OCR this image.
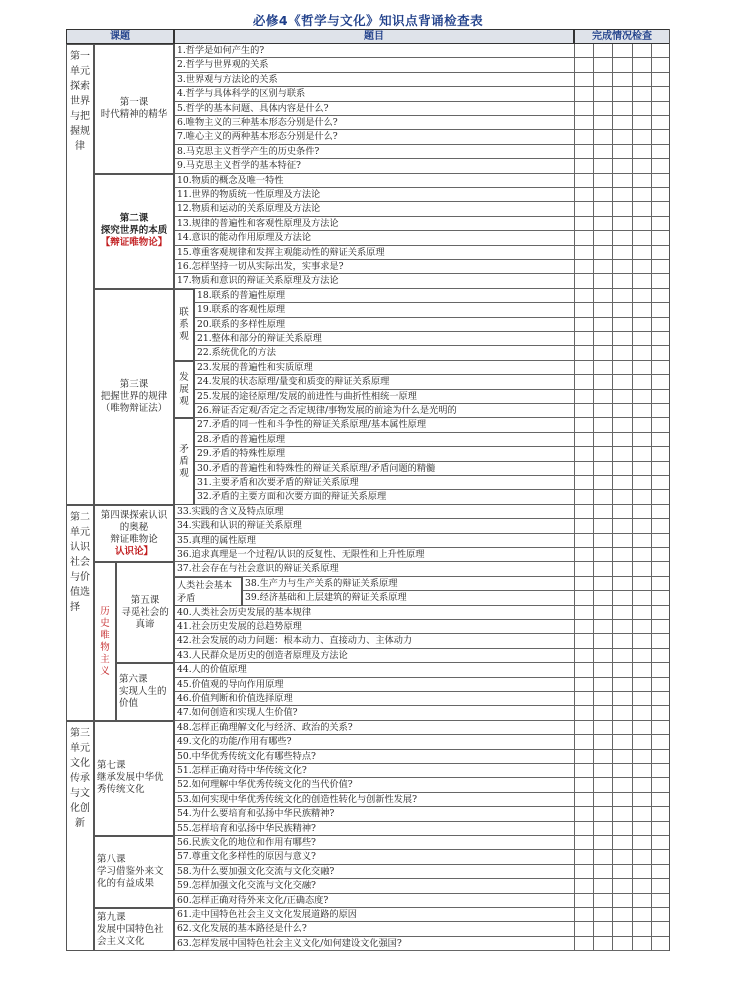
必修4《哲学与文化》知识点背诵检查表
课题	题目	完成情况检查
1.哲学是如何产生的?
2.哲学与世界观的关系
3.世界观与方法论的关系
4.哲学与具体科学的区别与联系
5.哲学的基本问题、具体内容是什么?
6.唯物主义的三种基本形态分别是什么?
7.唯心主义的两种基本形态分别是什么?
8.马克思主义哲学产生的历史条件?
9.马克思主义哲学的基本特征?
10.物质的概念及唯一特性
11.世界的物质统一性原理及方法论
12.物质和运动的关系原理及方法论
13.规律的普遍性和客观性原理及方法论
14.意识的能动作用原理及方法论
15.尊重客观规律和发挥主观能动性的辩证关系原理
16.怎样坚持一切从实际出发，实事求是?
17.物质和意识的辩证关系原理及方法论
18.联系的普遍性原理
19.联系的客观性原理
20.联系的多样性原理
21.整体和部分的辩证关系原理
22.系统优化的方法
23.发展的普遍性和实质原理
24.发展的状态原理/量变和质变的辩证关系原理
25.发展的途径原理/发展的前进性与曲折性相统一原理
26.辩证否定观/否定之否定规律/事物发展的前途为什么是光明的
27.矛盾的同一性和斗争性的辩证关系原理/基本属性原理
28.矛盾的普遍性原理
29.矛盾的特殊性原理
30.矛盾的普遍性和特殊性的辩证关系原理/矛盾问题的精髓
31.主要矛盾和次要矛盾的辩证关系原理
32.矛盾的主要方面和次要方面的辩证关系原理
33.实践的含义及特点原理
34.实践和认识的辩证关系原理
35.真理的属性原理
36.追求真理是一个过程/认识的反复性、无限性和上升性原理
37.社会存在与社会意识的辩证关系原理
38.生产力与生产关系的辩证关系原理
39.经济基础和上层建筑的辩证关系原理
40.人类社会历史发展的基本规律
41.社会历史发展的总趋势原理
42.社会发展的动力问题：根本动力、直接动力、主体动力
43.人民群众是历史的创造者原理及方法论
44.人的价值原理
45.价值观的导向作用原理
46.价值判断和价值选择原理
47.如何创造和实现人生价值?
48.怎样正确理解文化与经济、政治的关系?
49.文化的功能/作用有哪些?
50.中华优秀传统文化有哪些特点?
51.怎样正确对待中华传统文化?
52.如何理解中华优秀传统文化的当代价值?
53.如何实现中华优秀传统文化的创造性转化与创新性发展?
54.为什么要培育和弘扬中华民族精神?
55.怎样培育和弘扬中华民族精神?
56.民族文化的地位和作用有哪些?
57.尊重文化多样性的原因与意义?
58.为什么要加强文化交流与文化交融?
59.怎样加强文化交流与文化交融?
60.怎样正确对待外来文化/正确态度?
61.走中国特色社会主义文化发展道路的原因
62.文化发展的基本路径是什么?
63.怎样发展中国特色社会主义文化/如何建设文化强国?
第一单元探索世界与把握规律
第二单元认识社会与价值选择
第三单元文化传承与文化创新
第一课
时代精神的精华
第二课
探究世界的本质
【辩证唯物论】
第三课
把握世界的规律
（唯物辩证法）
第四课探索认识的奥秘
辩证唯物论
认识论】
第七课
继承发展中华优秀传统文化
第八课
学习借鉴外来文化的有益成果
第九课
发展中国特色社会主义文化
联系观
发展观
矛盾观
历史唯物主义
第五课
寻觅社会的真谛
第六课
实现人生的价值
人类社会基本矛盾
